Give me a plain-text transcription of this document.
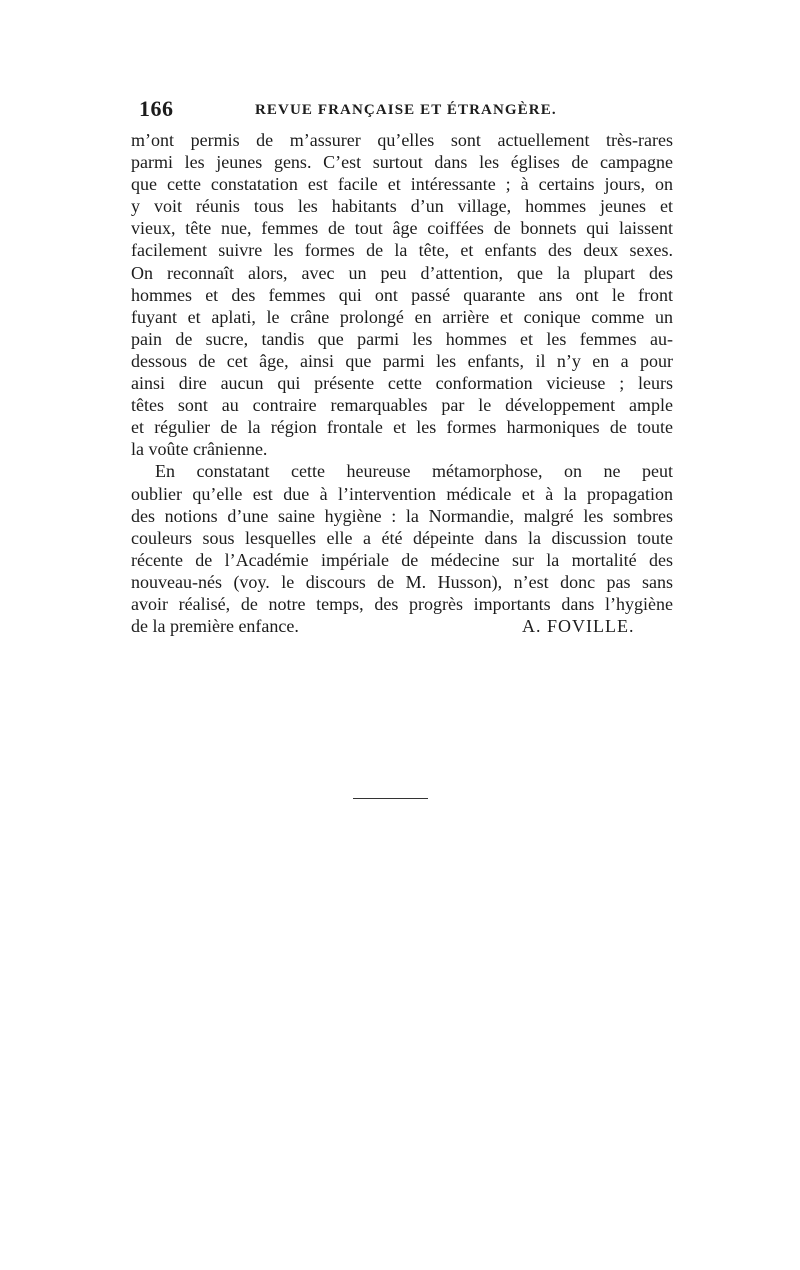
166	REVUE FRANÇAISE ET ÉTRANGÈRE.
m’ont permis de m’assurer qu’elles sont actuellement très-rares
parmi les jeunes gens. C’est surtout dans les églises de campagne
que cette constatation est facile et intéressante ; à certains jours, on
y voit réunis tous les habitants d’un village, hommes jeunes et
vieux, tête nue, femmes de tout âge coiffées de bonnets qui laissent
facilement suivre les formes de la tête, et enfants des deux sexes.
On reconnaît alors, avec un peu d’attention, que la plupart des
hommes et des femmes qui ont passé quarante ans ont le front
fuyant et aplati, le crâne prolongé en arrière et conique comme un
pain de sucre, tandis que parmi les hommes et les femmes au-
dessous de cet âge, ainsi que parmi les enfants, il n’y en a pour
ainsi dire aucun qui présente cette conformation vicieuse ; leurs
têtes sont au contraire remarquables par le développement ample
et régulier de la région frontale et les formes harmoniques de toute
la voûte crânienne.
En constatant cette heureuse métamorphose, on ne peut
oublier qu’elle est due à l’intervention médicale et à la propagation
des notions d’une saine hygiène : la Normandie, malgré les sombres
couleurs sous lesquelles elle a été dépeinte dans la discussion toute
récente de l’Académie impériale de médecine sur la mortalité des
nouveau-nés (voy. le discours de M. Husson), n’est donc pas sans
avoir réalisé, de notre temps, des progrès importants dans l’hygiène
de la première enfance.	A. FOVILLE.
